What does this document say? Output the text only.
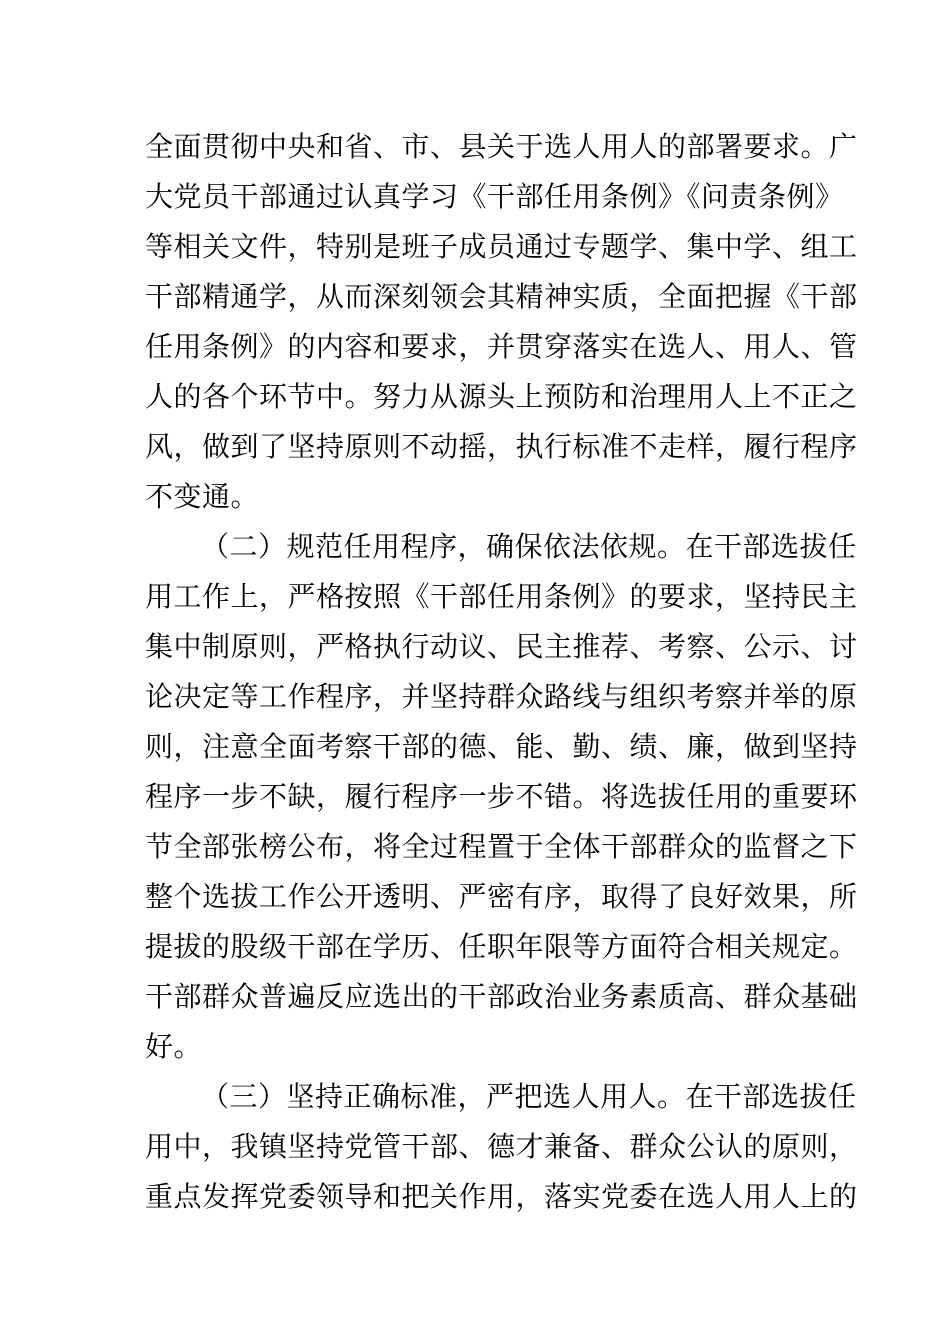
全面贯彻中央和省、市、县关于选人用人的部署要求。广
大党员干部通过认真学习《干部任用条例》《问责条例》
等相关文件，特别是班子成员通过专题学、集中学、组工
干部精通学，从而深刻领会其精神实质，全面把握《干部
任用条例》的内容和要求，并贯穿落实在选人、用人、管
人的各个环节中。努力从源头上预防和治理用人上不正之
风，做到了坚持原则不动摇，执行标准不走样，履行程序
不变通。
（二）规范任用程序，确保依法依规。在干部选拔任
用工作上，严格按照《干部任用条例》的要求，坚持民主
集中制原则，严格执行动议、民主推荐、考察、公示、讨
论决定等工作程序，并坚持群众路线与组织考察并举的原
则，注意全面考察干部的德、能、勤、绩、廉，做到坚持
程序一步不缺，履行程序一步不错。将选拔任用的重要环
节全部张榜公布，将全过程置于全体干部群众的监督之下
整个选拔工作公开透明、严密有序，取得了良好效果，所
提拔的股级干部在学历、任职年限等方面符合相关规定。
干部群众普遍反应选出的干部政治业务素质高、群众基础
好。
（三）坚持正确标准，严把选人用人。在干部选拔任
用中，我镇坚持党管干部、德才兼备、群众公认的原则，
重点发挥党委领导和把关作用，落实党委在选人用人上的
